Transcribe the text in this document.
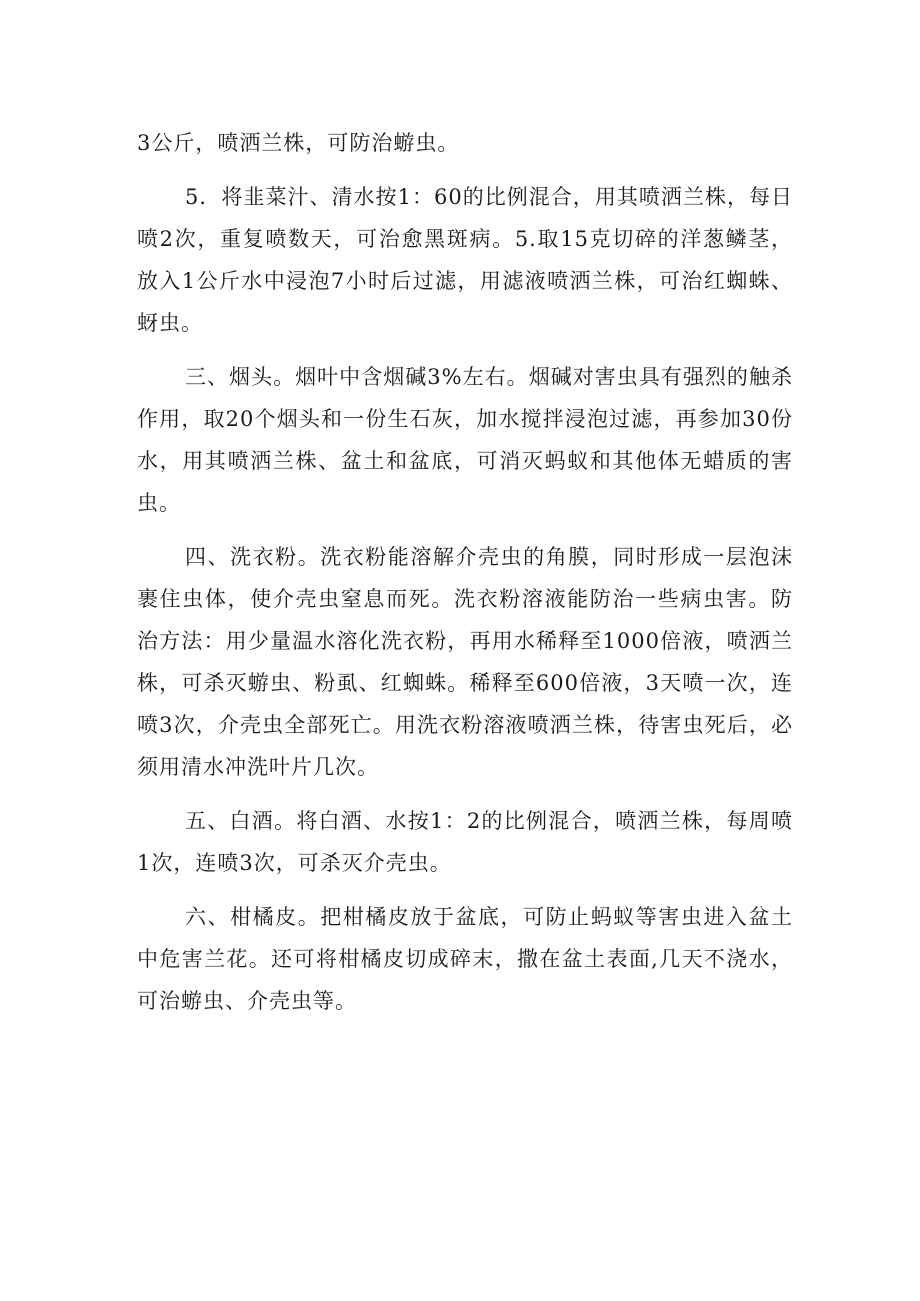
3公斤，喷洒兰株，可防治蝣虫。

5．将韭菜汁、清水按1：60的比例混合，用其喷洒兰株，每日喷2次，重复喷数天，可治愈黑斑病。5.取15克切碎的洋葱鳞茎，放入1公斤水中浸泡7小时后过滤，用滤液喷洒兰株，可治红蜘蛛、蚜虫。

三、烟头。烟叶中含烟碱3%左右。烟碱对害虫具有强烈的触杀作用，取20个烟头和一份生石灰，加水搅拌浸泡过滤，再参加30份水，用其喷洒兰株、盆土和盆底，可消灭蚂蚁和其他体无蜡质的害虫。

四、洗衣粉。洗衣粉能溶解介壳虫的角膜，同时形成一层泡沫裹住虫体，使介壳虫窒息而死。洗衣粉溶液能防治一些病虫害。防治方法：用少量温水溶化洗衣粉，再用水稀释至1000倍液，喷洒兰株，可杀灭蝣虫、粉虱、红蜘蛛。稀释至600倍液，3天喷一次，连喷3次，介壳虫全部死亡。用洗衣粉溶液喷洒兰株，待害虫死后，必须用清水冲洗叶片几次。

五、白酒。将白酒、水按1：2的比例混合，喷洒兰株，每周喷1次，连喷3次，可杀灭介壳虫。

六、柑橘皮。把柑橘皮放于盆底，可防止蚂蚁等害虫进入盆土中危害兰花。还可将柑橘皮切成碎末，撒在盆土表面,几天不浇水，可治蝣虫、介壳虫等。
